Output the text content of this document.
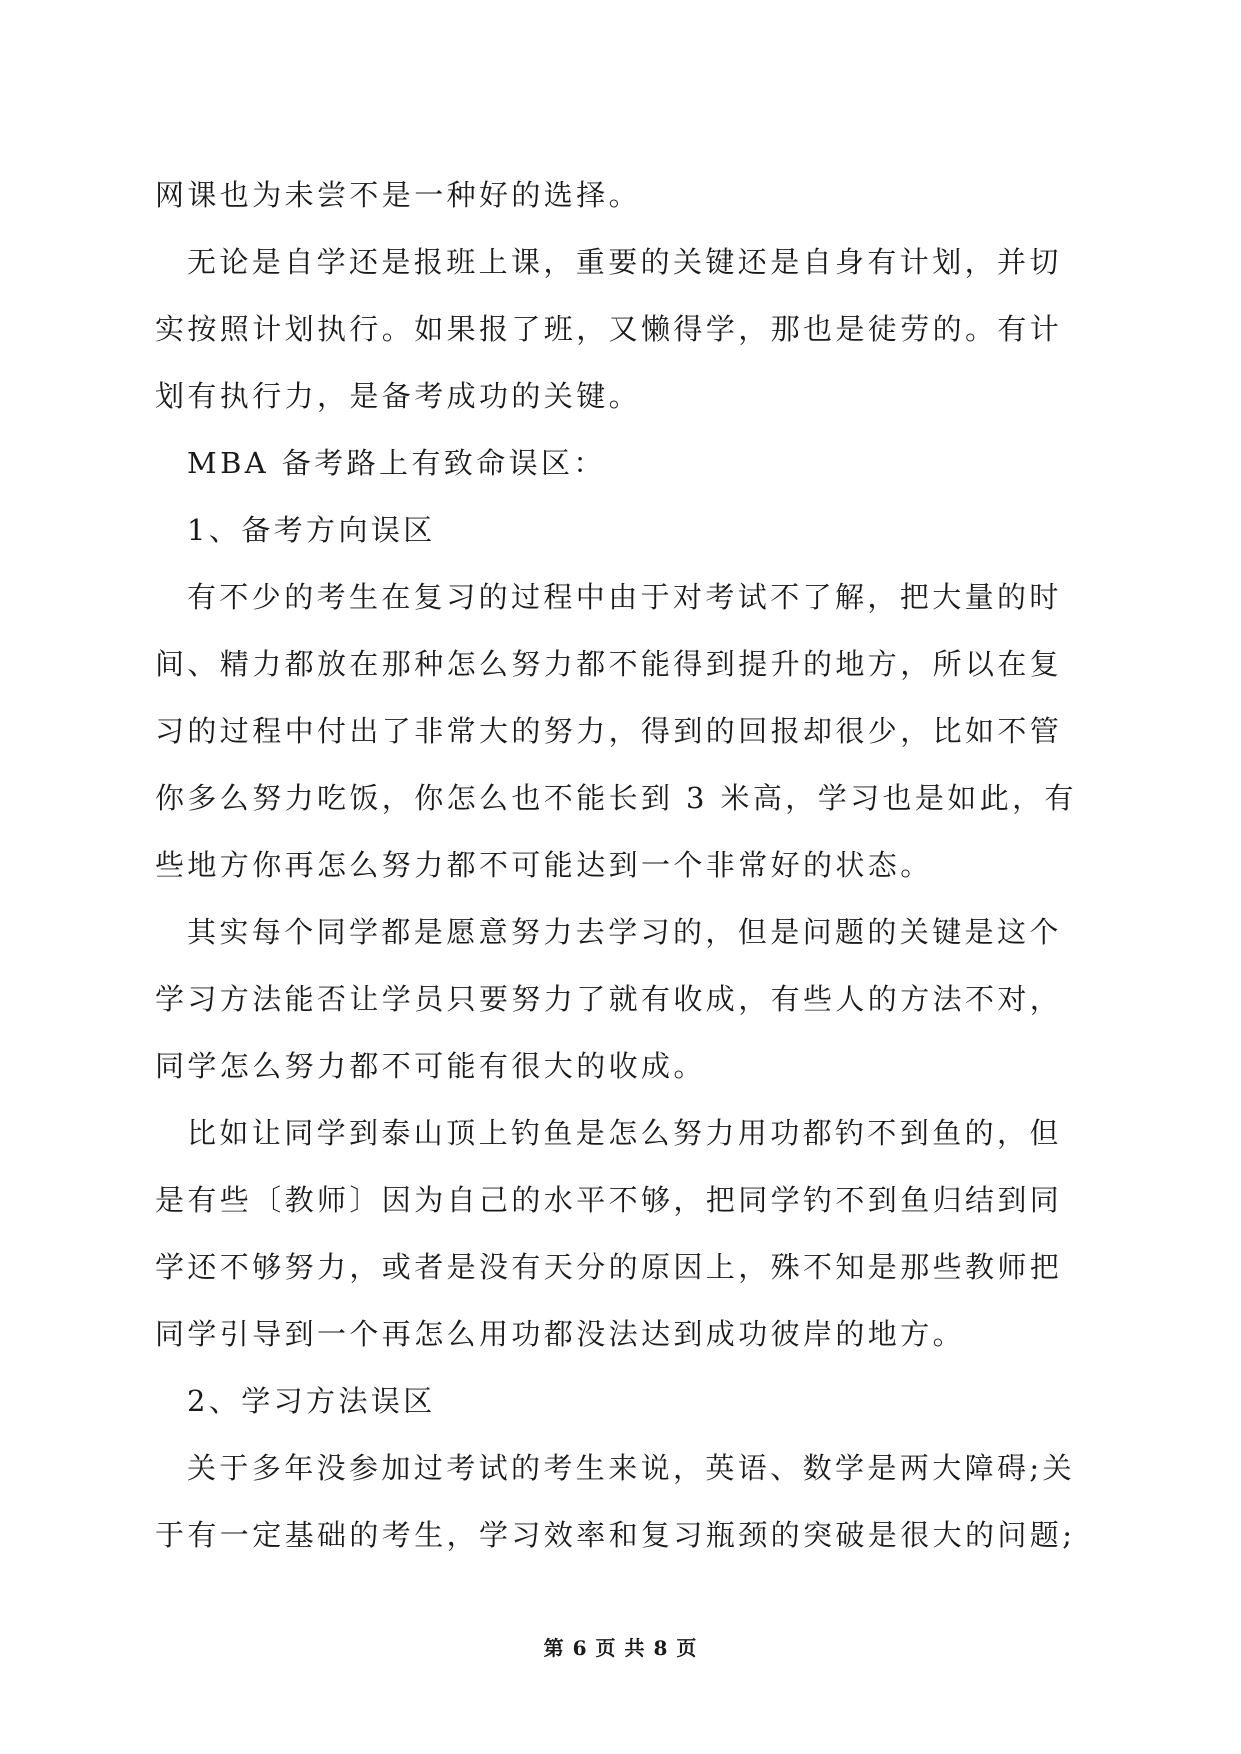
网课也为未尝不是一种好的选择。
无论是自学还是报班上课，重要的关键还是自身有计划，并切
实按照计划执行。如果报了班，又懒得学，那也是徒劳的。有计
划有执行力，是备考成功的关键。
MBA 备考路上有致命误区：
1、备考方向误区
有不少的考生在复习的过程中由于对考试不了解，把大量的时
间、精力都放在那种怎么努力都不能得到提升的地方，所以在复
习的过程中付出了非常大的努力，得到的回报却很少，比如不管
你多么努力吃饭，你怎么也不能长到 3 米高，学习也是如此，有
些地方你再怎么努力都不可能达到一个非常好的状态。
其实每个同学都是愿意努力去学习的，但是问题的关键是这个
学习方法能否让学员只要努力了就有收成，有些人的方法不对，
同学怎么努力都不可能有很大的收成。
比如让同学到泰山顶上钓鱼是怎么努力用功都钓不到鱼的，但
是有些〔教师〕因为自己的水平不够，把同学钓不到鱼归结到同
学还不够努力，或者是没有天分的原因上，殊不知是那些教师把
同学引导到一个再怎么用功都没法达到成功彼岸的地方。
2、学习方法误区
关于多年没参加过考试的考生来说，英语、数学是两大障碍;关
于有一定基础的考生，学习效率和复习瓶颈的突破是很大的问题;
第 6 页 共 8 页
